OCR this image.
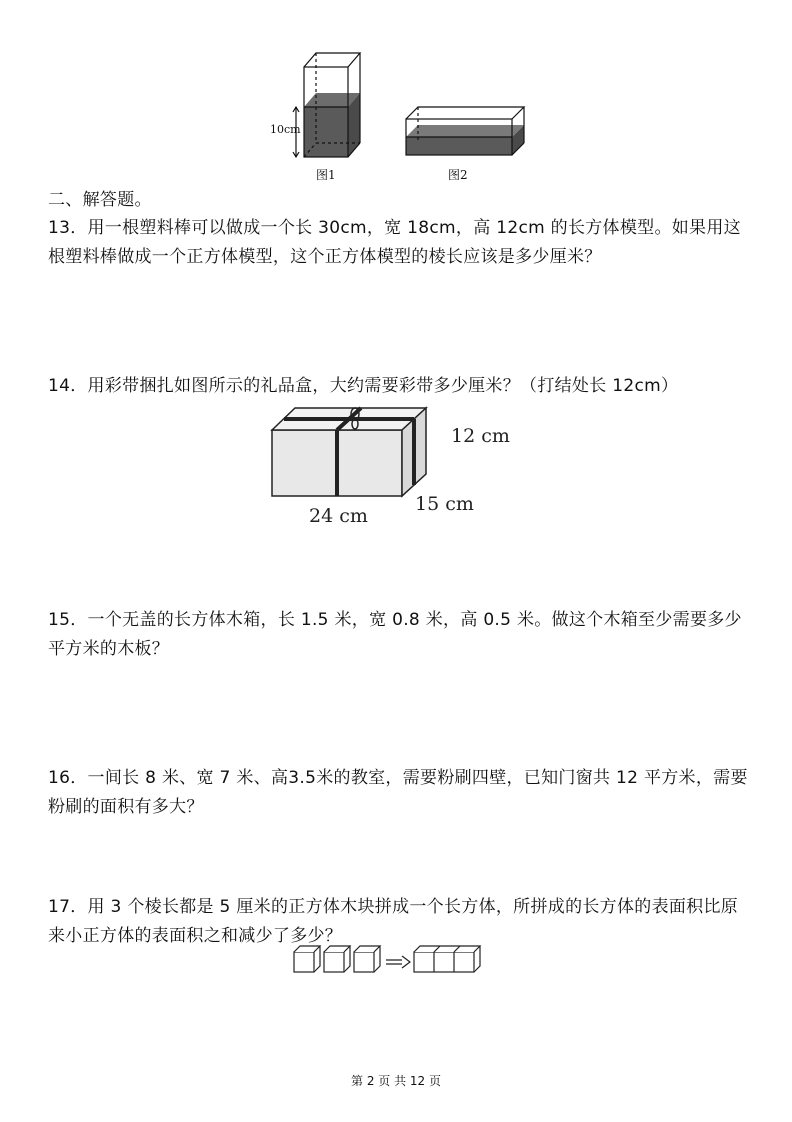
10cm
图1	图2
二、解答题。
13．用一根塑料棒可以做成一个长 30cm，宽 18cm，高 12cm 的长方体模型。如果用这根塑料棒做成一个正方体模型，这个正方体模型的棱长应该是多少厘米？
14．用彩带捆扎如图所示的礼品盒，大约需要彩带多少厘米？（打结处长 12cm）
12 cm
15 cm
24 cm
15．一个无盖的长方体木箱，长 1.5 米，宽 0.8 米，高 0.5 米。做这个木箱至少需要多少平方米的木板？
16．一间长 8 米、宽 7 米、高3.5米的教室，需要粉刷四壁，已知门窗共 12 平方米，需要粉刷的面积有多大？
17．用 3 个棱长都是 5 厘米的正方体木块拼成一个长方体，所拼成的长方体的表面积比原来小正方体的表面积之和减少了多少？
第 2 页 共 12 页
